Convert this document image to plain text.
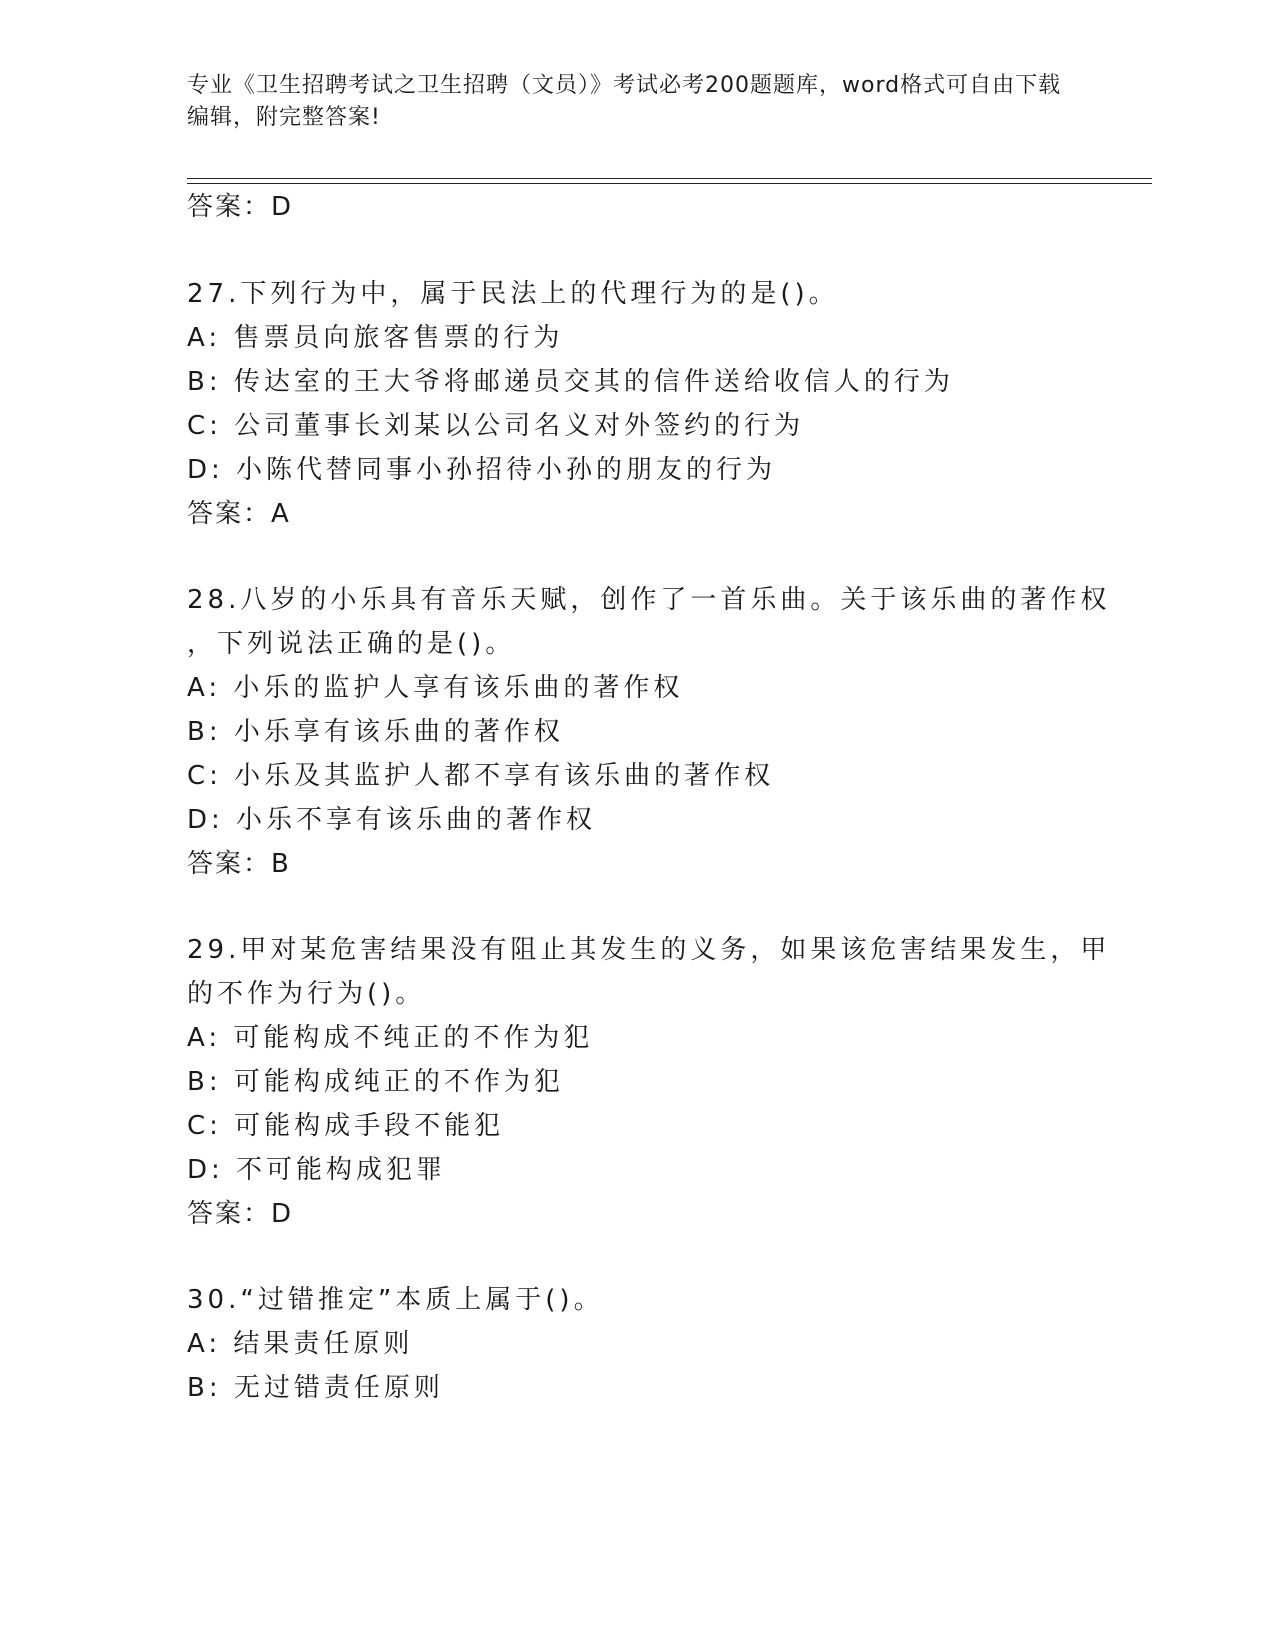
专业《卫生招聘考试之卫生招聘（文员）》考试必考200题题库，word格式可自由下载编辑，附完整答案!
答案：D
27.下列行为中，属于民法上的代理行为的是()。
A: 售票员向旅客售票的行为
B: 传达室的王大爷将邮递员交其的信件送给收信人的行为
C: 公司董事长刘某以公司名义对外签约的行为
D: 小陈代替同事小孙招待小孙的朋友的行为
答案：A
28.八岁的小乐具有音乐天赋，创作了一首乐曲。关于该乐曲的著作权
，下列说法正确的是()。
A: 小乐的监护人享有该乐曲的著作权
B: 小乐享有该乐曲的著作权
C: 小乐及其监护人都不享有该乐曲的著作权
D: 小乐不享有该乐曲的著作权
答案：B
29.甲对某危害结果没有阻止其发生的义务，如果该危害结果发生，甲
的不作为行为()。
A: 可能构成不纯正的不作为犯
B: 可能构成纯正的不作为犯
C: 可能构成手段不能犯
D: 不可能构成犯罪
答案：D
30.“过错推定”本质上属于()。
A: 结果责任原则
B: 无过错责任原则
